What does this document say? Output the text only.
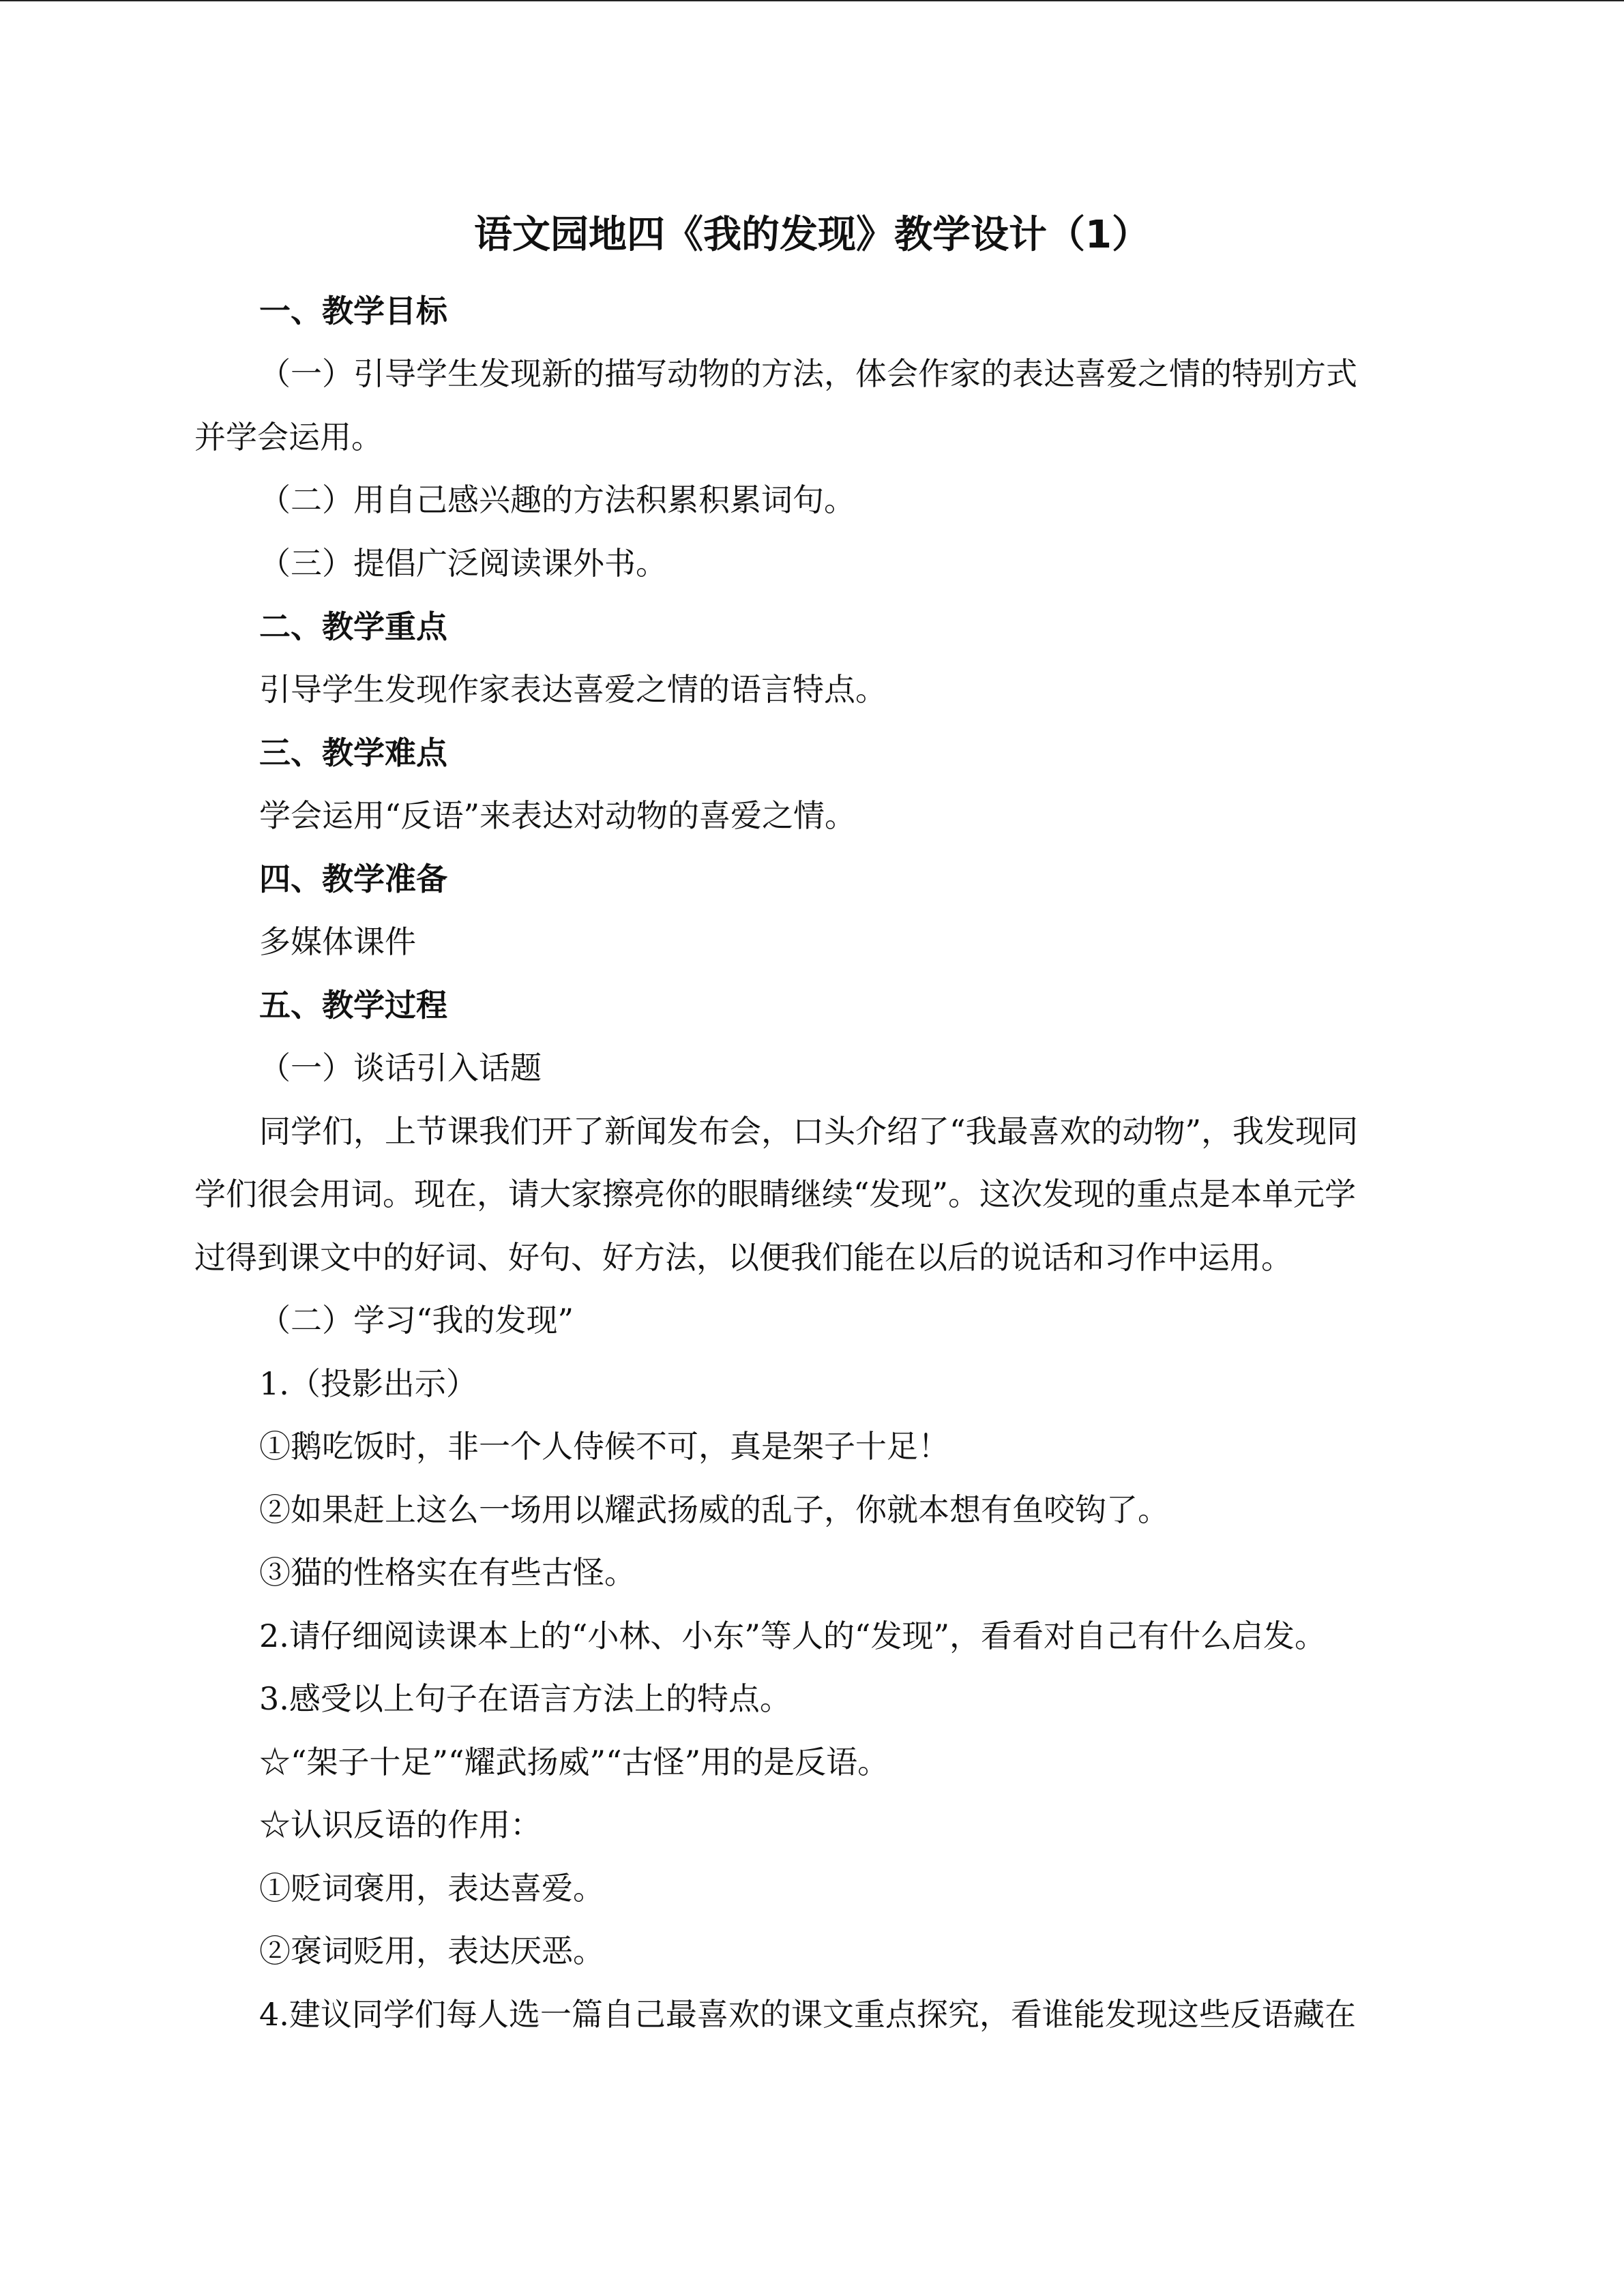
语文园地四《我的发现》教学设计（1）
一、教学目标
（一）引导学生发现新的描写动物的方法，体会作家的表达喜爱之情的特别方式
并学会运用。
（二）用自己感兴趣的方法积累积累词句。
（三）提倡广泛阅读课外书。
二、教学重点
引导学生发现作家表达喜爱之情的语言特点。
三、教学难点
学会运用“反语”来表达对动物的喜爱之情。
四、教学准备
多媒体课件
五、教学过程
（一）谈话引入话题
同学们，上节课我们开了新闻发布会，口头介绍了“我最喜欢的动物”，我发现同
学们很会用词。现在，请大家擦亮你的眼睛继续“发现”。这次发现的重点是本单元学
过得到课文中的好词、好句、好方法，以便我们能在以后的说话和习作中运用。
（二）学习“我的发现”
1.（投影出示）
①鹅吃饭时，非一个人侍候不可，真是架子十足！
②如果赶上这么一场用以耀武扬威的乱子，你就本想有鱼咬钩了。
③猫的性格实在有些古怪。
2.请仔细阅读课本上的“小林、小东”等人的“发现”，看看对自己有什么启发。
3.感受以上句子在语言方法上的特点。
☆“架子十足”“耀武扬威”“古怪”用的是反语。
☆认识反语的作用：
①贬词褒用，表达喜爱。
②褒词贬用，表达厌恶。
4.建议同学们每人选一篇自己最喜欢的课文重点探究，看谁能发现这些反语藏在
